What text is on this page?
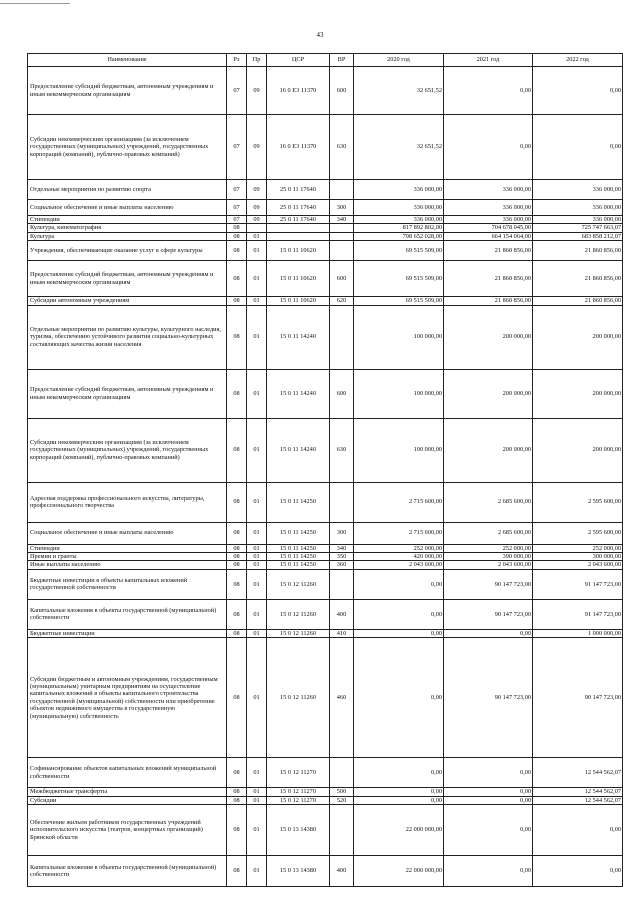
43
Наименование	Рз	Пр	ЦСР	ВР	2020 год	2021 год	2022 год
Предоставление субсидий бюджетным, автономным учреждениям и иным некоммерческим организациям	07	09	16 0 E3 11370	600	32 651,52	0,00	0,00
Субсидии некоммерческим организациям (за исключением государственных (муниципальных) учреждений, государственных корпораций (компаний), публично-правовых компаний)	07	09	16 0 E3 11370	630	32 651,52	0,00	0,00
Отдельные мероприятия по развитию спорта	07	09	25 0 11 17640		336 000,00	336 000,00	336 000,00
Социальное обеспечение и иные выплаты населению	07	09	25 0 11 17640	300	336 000,00	336 000,00	336 000,00
Стипендии	07	09	25 0 11 17640	340	336 000,00	336 000,00	336 000,00
Культура, кинематография	08				817 892 802,00	704 678 045,00	725 747 663,07
Культура	08	01			798 652 028,00	664 154 064,00	683 858 212,07
Учреждения, обеспечивающие оказание услуг в сфере культуры	08	01	15 0 11 10620		69 515 509,00	21 860 856,00	21 860 856,00
Предоставление субсидий бюджетным, автономным учреждениям и иным некоммерческим организациям	08	01	15 0 11 10620	600	69 515 509,00	21 860 856,00	21 860 856,00
Субсидии автономным учреждениям	08	01	15 0 11 10620	620	69 515 509,00	21 860 856,00	21 860 856,00
Отдельные мероприятия по развитию культуры, культурного наследия, туризма, обеспечению устойчивого развития социально-культурных составляющих качества жизни населения	08	01	15 0 11 14240		100 000,00	200 000,00	200 000,00
Предоставление субсидий бюджетным, автономным учреждениям и иным некоммерческим организациям	08	01	15 0 11 14240	600	100 000,00	200 000,00	200 000,00
Субсидии некоммерческим организациям (за исключением государственных (муниципальных) учреждений, государственных корпораций (компаний), публично-правовых компаний)	08	01	15 0 11 14240	630	100 000,00	200 000,00	200 000,00
Адресная поддержка профессионального искусства, литературы, профессионального творчества	08	01	15 0 11 14250		2 715 600,00	2 685 600,00	2 595 600,00
Социальное обеспечение и иные выплаты населению	08	01	15 0 11 14250	300	2 715 600,00	2 685 600,00	2 595 600,00
Стипендии	08	01	15 0 11 14250	340	252 000,00	252 000,00	252 000,00
Премии и гранты	08	01	15 0 11 14250	350	420 000,00	390 000,00	300 000,00
Иные выплаты населению	08	01	15 0 11 14250	360	2 043 600,00	2 043 600,00	2 043 600,00
Бюджетные инвестиции в объекты капитальных вложений государственной собственности	08	01	15 0 12 11260		0,00	90 147 723,00	91 147 723,00
Капитальные вложения в объекты государственной (муниципальной) собственности	08	01	15 0 12 11260	400	0,00	90 147 723,00	91 147 723,00
Бюджетные инвестиции	08	01	15 0 12 11260	410	0,00	0,00	1 000 000,00
Субсидии бюджетным и автономным учреждениям, государственным (муниципальным) унитарным предприятиям на осуществление капитальных вложений в объекты капитального строительства государственной (муниципальной) собственности или приобретение объектов недвижимого имущества в государственную (муниципальную) собственность	08	01	15 0 12 11260	460	0,00	90 147 723,00	90 147 723,00
Софинансирование объектов капитальных вложений муниципальной собственности	08	01	15 0 12 11270		0,00	0,00	12 544 562,07
Межбюджетные трансферты	08	01	15 0 12 11270	500	0,00	0,00	12 544 562,07
Субсидии	08	01	15 0 12 11270	520	0,00	0,00	12 544 562,07
Обеспечение жильем работников государственных учреждений исполнительского искусства (театров, концертных организаций) Брянской области	08	01	15 0 13 14380		22 000 000,00	0,00	0,00
Капитальные вложения в объекты государственной (муниципальной) собственности	08	01	15 0 13 14380	400	22 000 000,00	0,00	0,00
